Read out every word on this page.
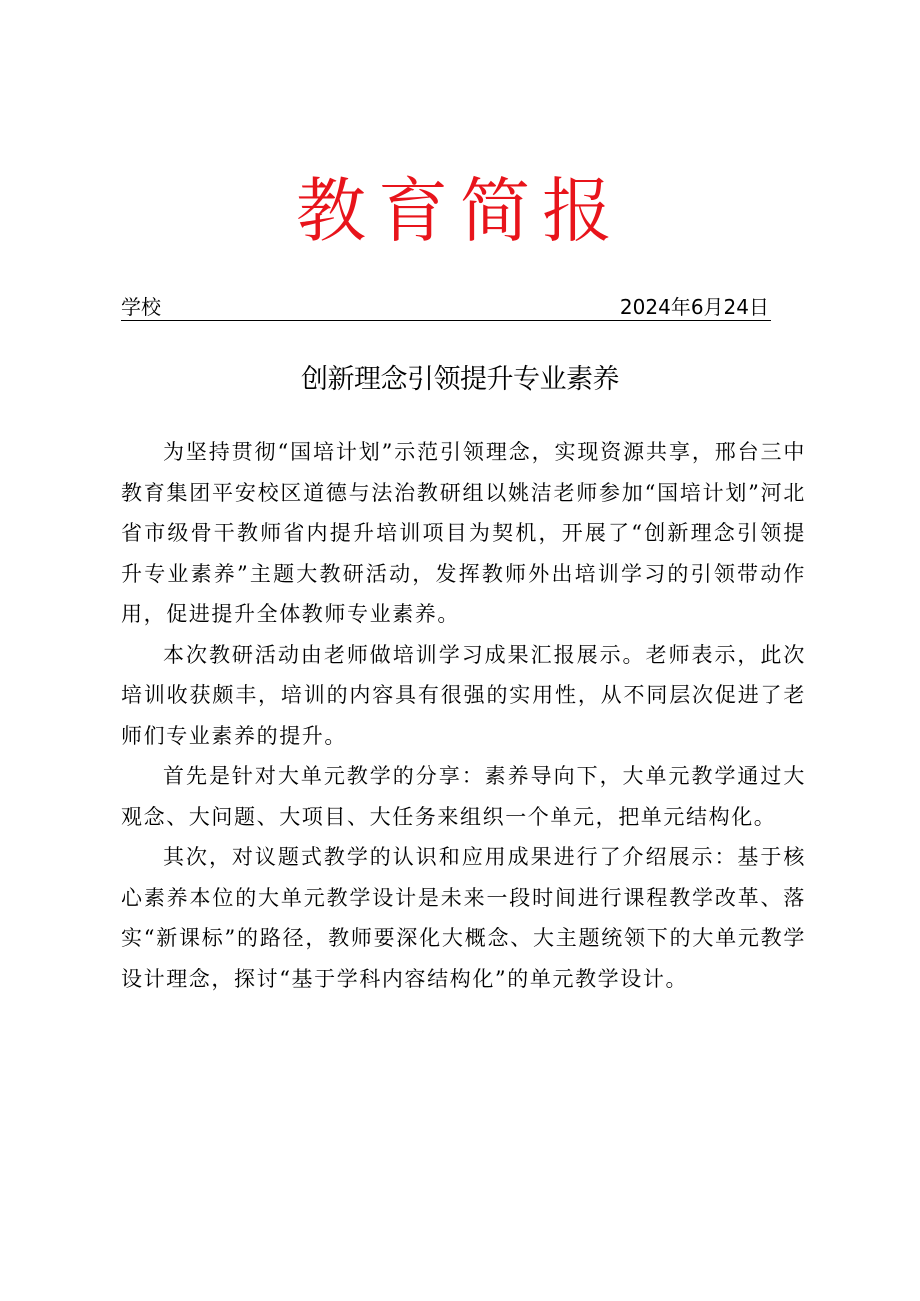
教育简报
学校	2024年6月24日
创新理念引领提升专业素养

为坚持贯彻“国培计划”示范引领理念，实现资源共享，邢台三中教育集团平安校区道德与法治教研组以姚洁老师参加“国培计划”河北省市级骨干教师省内提升培训项目为契机，开展了“创新理念引领提升专业素养”主题大教研活动，发挥教师外出培训学习的引领带动作用，促进提升全体教师专业素养。

本次教研活动由老师做培训学习成果汇报展示。老师表示，此次培训收获颇丰，培训的内容具有很强的实用性，从不同层次促进了老师们专业素养的提升。

首先是针对大单元教学的分享：素养导向下，大单元教学通过大观念、大问题、大项目、大任务来组织一个单元，把单元结构化。

其次，对议题式教学的认识和应用成果进行了介绍展示：基于核心素养本位的大单元教学设计是未来一段时间进行课程教学改革、落实“新课标”的路径，教师要深化大概念、大主题统领下的大单元教学设计理念，探讨“基于学科内容结构化”的单元教学设计。
